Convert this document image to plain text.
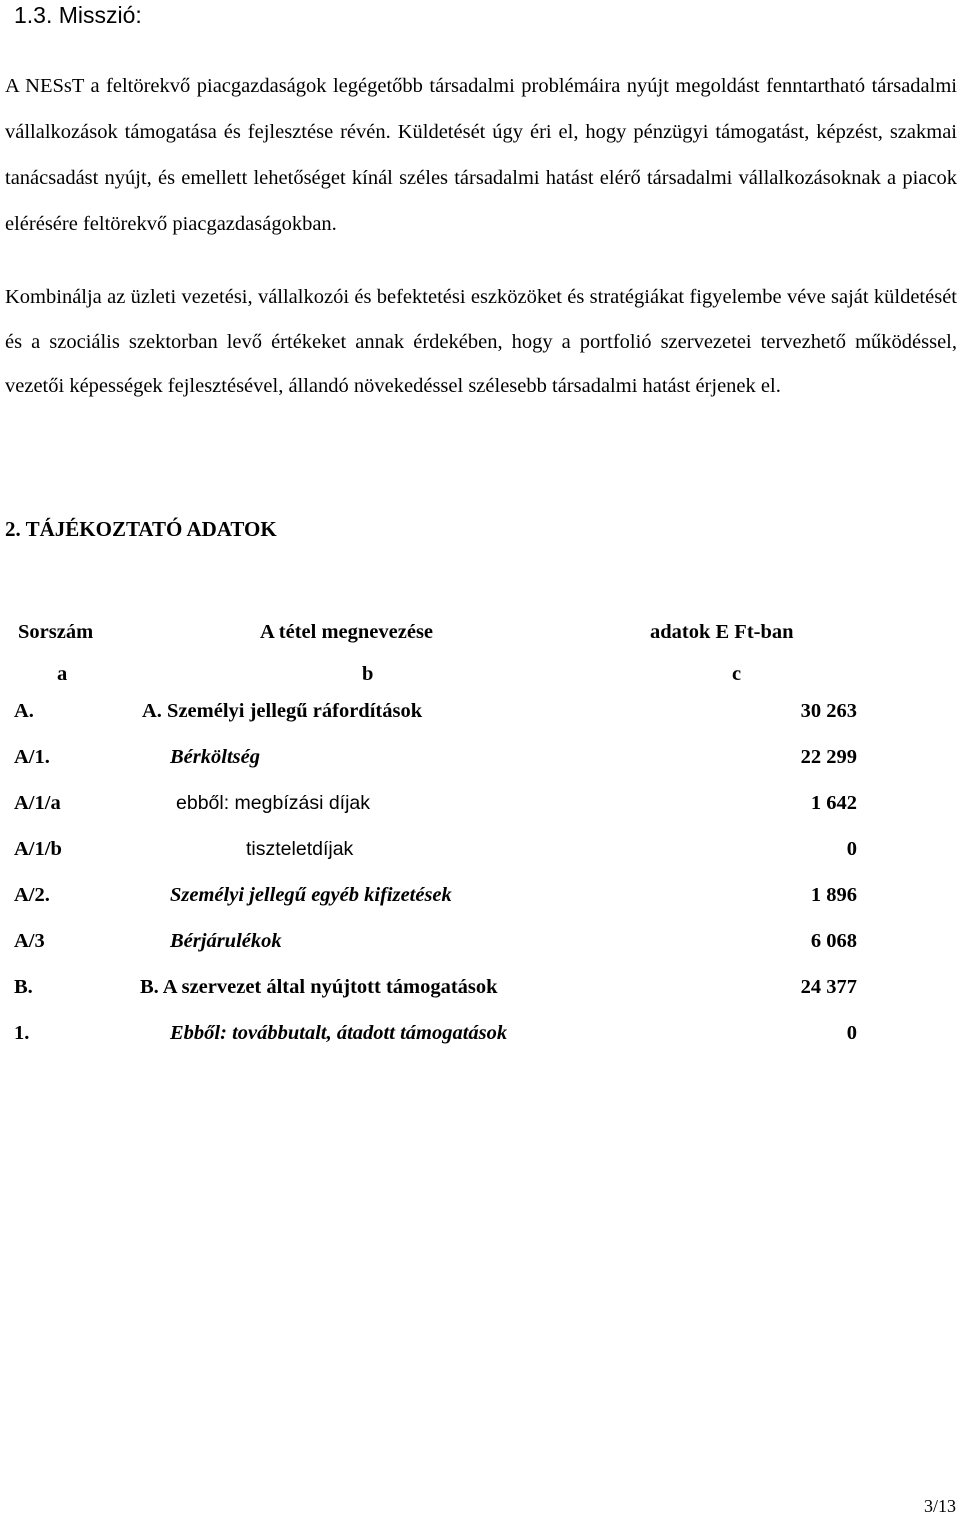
1.3. Misszió:

A NESsT a feltörekvő piacgazdaságok legégetőbb társadalmi problémáira nyújt megoldást fenntartható társadalmi vállalkozások támogatása és fejlesztése révén. Küldetését úgy éri el, hogy pénzügyi támogatást, képzést, szakmai tanácsadást nyújt, és emellett lehetőséget kínál széles társadalmi hatást elérő társadalmi vállalkozásoknak a piacok elérésére feltörekvő piacgazdaságokban.

Kombinálja az üzleti vezetési, vállalkozói és befektetési eszközöket és stratégiákat figyelembe véve saját küldetését és a szociális szektorban levő értékeket annak érdekében, hogy a portfolió szervezetei tervezhető működéssel, vezetői képességek fejlesztésével, állandó növekedéssel szélesebb társadalmi hatást érjenek el.

2. TÁJÉKOZTATÓ ADATOK
Sorszám	A tétel megnevezése	adatok E Ft-ban
a	b	c
A.	A. Személyi jellegű ráfordítások	30 263
A/1.	Bérköltség	22 299
A/1/a	ebből: megbízási díjak	1 642
A/1/b	tiszteletdíjak	0
A/2.	Személyi jellegű egyéb kifizetések	1 896
A/3	Bérjárulékok	6 068
B.	B. A szervezet által nyújtott támogatások	24 377
1.	Ebből: továbbutalt, átadott támogatások	0

3/13
